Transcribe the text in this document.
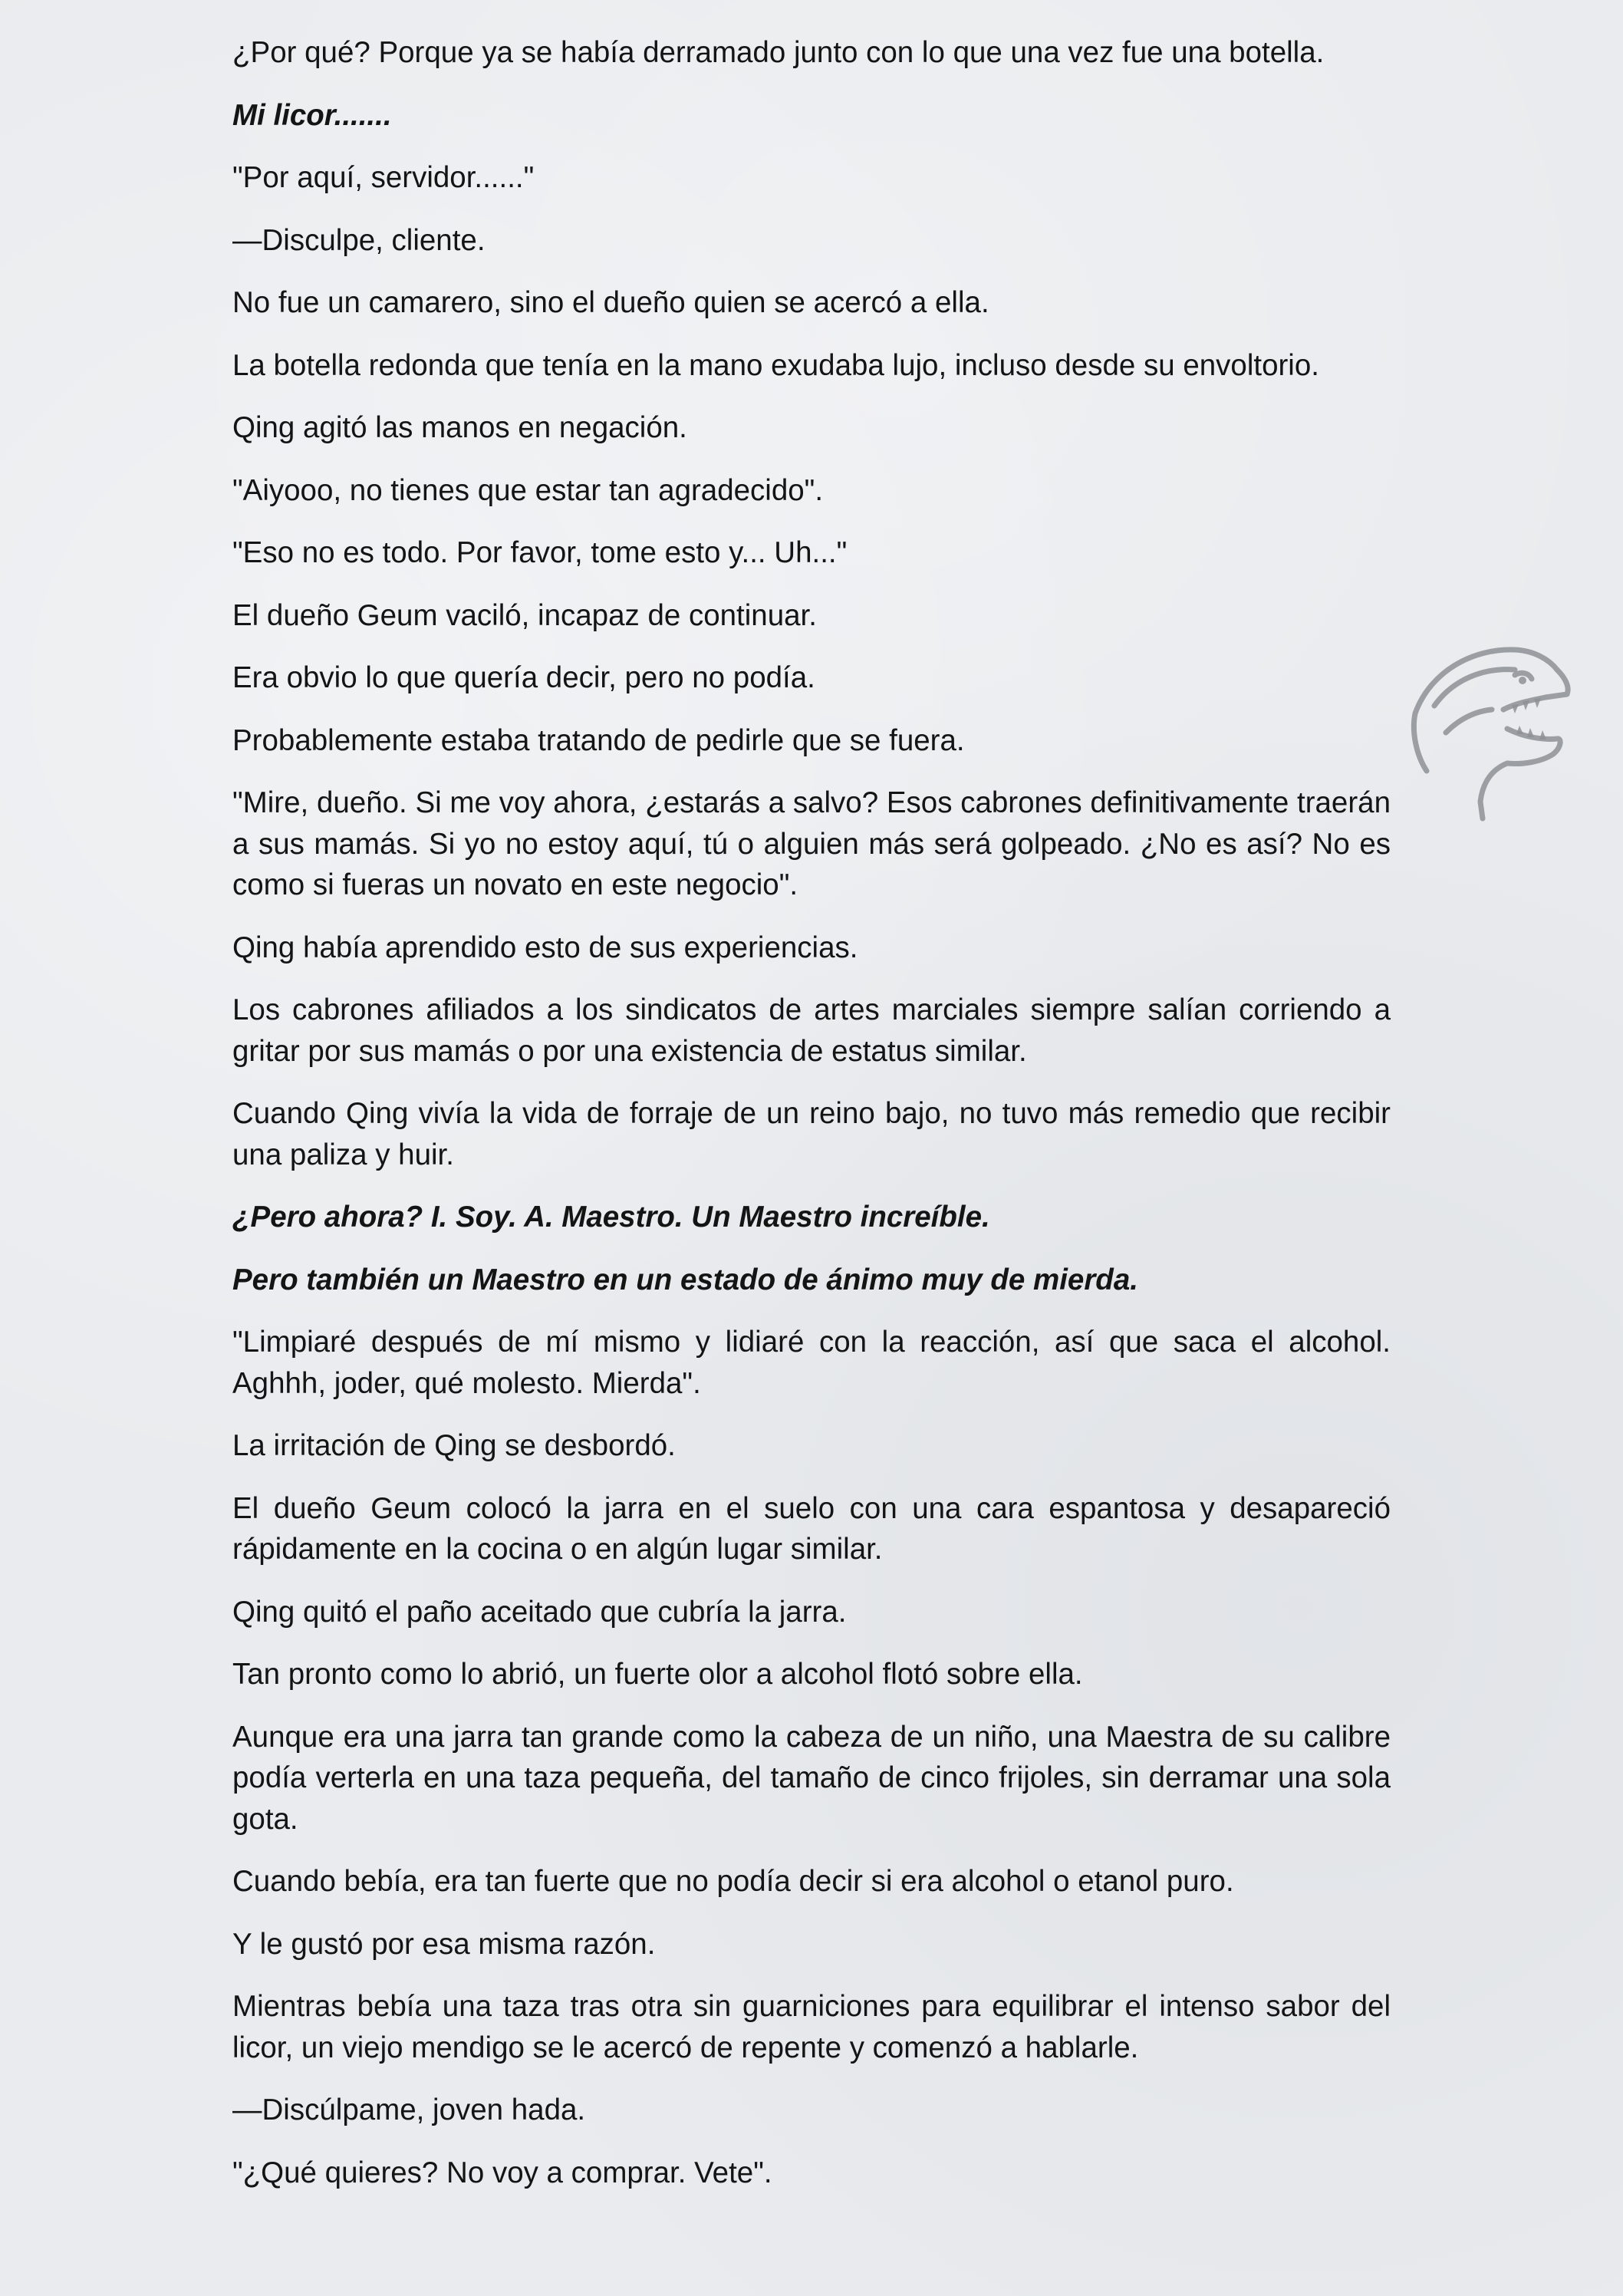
¿Por qué? Porque ya se había derramado junto con lo que una vez fue una botella.

Mi licor.......

"Por aquí, servidor......"

—Disculpe, cliente.

No fue un camarero, sino el dueño quien se acercó a ella.

La botella redonda que tenía en la mano exudaba lujo, incluso desde su envoltorio.

Qing agitó las manos en negación.

"Aiyooo, no tienes que estar tan agradecido".

"Eso no es todo. Por favor, tome esto y... Uh..."

El dueño Geum vaciló, incapaz de continuar.

Era obvio lo que quería decir, pero no podía.

Probablemente estaba tratando de pedirle que se fuera.

"Mire, dueño. Si me voy ahora, ¿estarás a salvo? Esos cabrones definitivamente traerán a sus mamás. Si yo no estoy aquí, tú o alguien más será golpeado. ¿No es así? No es como si fueras un novato en este negocio".

Qing había aprendido esto de sus experiencias.

Los cabrones afiliados a los sindicatos de artes marciales siempre salían corriendo a gritar por sus mamás o por una existencia de estatus similar.

Cuando Qing vivía la vida de forraje de un reino bajo, no tuvo más remedio que recibir una paliza y huir.

¿Pero ahora? I. Soy. A. Maestro. Un Maestro increíble.

Pero también un Maestro en un estado de ánimo muy de mierda.

"Limpiaré después de mí mismo y lidiaré con la reacción, así que saca el alcohol. Aghhh, joder, qué molesto. Mierda".

La irritación de Qing se desbordó.

El dueño Geum colocó la jarra en el suelo con una cara espantosa y desapareció rápidamente en la cocina o en algún lugar similar.

Qing quitó el paño aceitado que cubría la jarra.

Tan pronto como lo abrió, un fuerte olor a alcohol flotó sobre ella.

Aunque era una jarra tan grande como la cabeza de un niño, una Maestra de su calibre podía verterla en una taza pequeña, del tamaño de cinco frijoles, sin derramar una sola gota.

Cuando bebía, era tan fuerte que no podía decir si era alcohol o etanol puro.

Y le gustó por esa misma razón.

Mientras bebía una taza tras otra sin guarniciones para equilibrar el intenso sabor del licor, un viejo mendigo se le acercó de repente y comenzó a hablarle.

—Discúlpame, joven hada.

"¿Qué quieres? No voy a comprar. Vete".
